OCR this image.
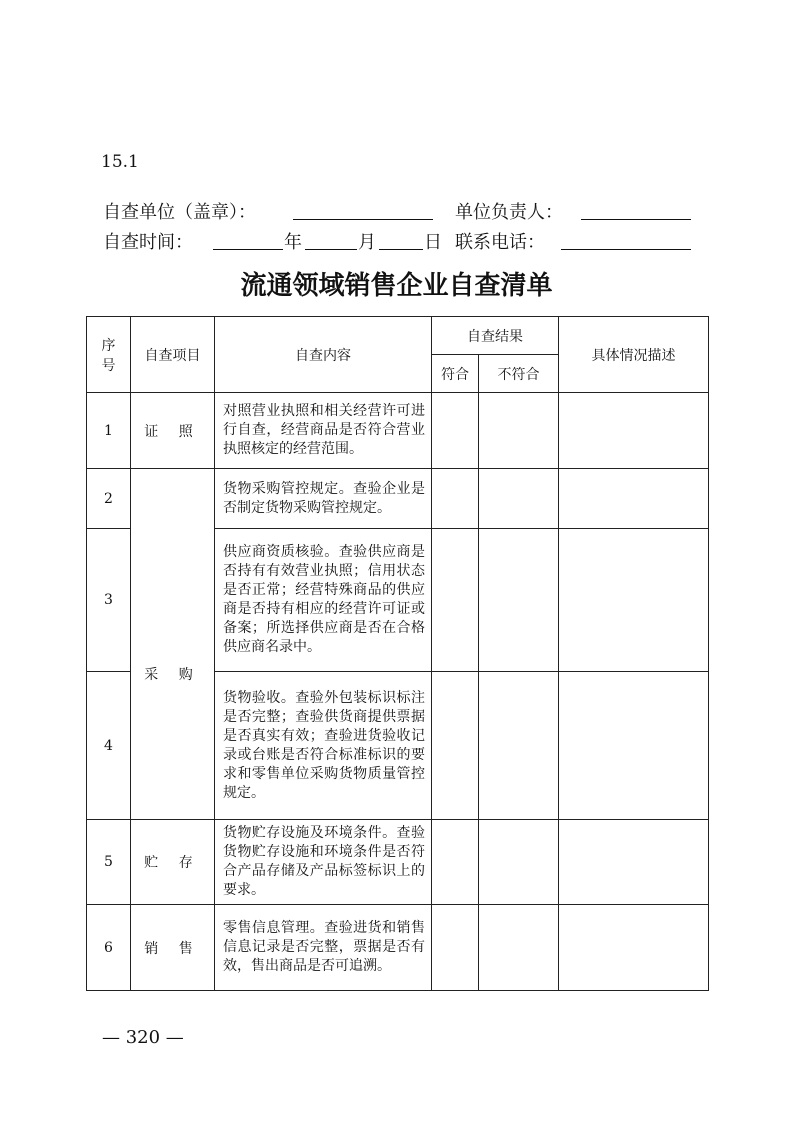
15.1
自查单位（盖章）：	单位负责人：
自查时间：	年	月	日 联系电话：
流通领域销售企业自查清单
序
号	自查项目	自查内容	自查结果		具体情况描述
			符合	不符合	
1	证 照	对照营业执照和相关经营许可进行自查，经营商品是否符合营业执照核定的经营范围。			
2	采 购	货物采购管控规定。查验企业是否制定货物采购管控规定。			
3		供应商资质核验。查验供应商是否持有有效营业执照；信用状态是否正常；经营特殊商品的供应商是否持有相应的经营许可证或备案；所选择供应商是否在合格供应商名录中。			
4		货物验收。查验外包装标识标注是否完整；查验供货商提供票据是否真实有效；查验进货验收记录或台账是否符合标准标识的要求和零售单位采购货物质量管控规定。			
5	贮 存	货物贮存设施及环境条件。查验货物贮存设施和环境条件是否符合产品存储及产品标签标识上的要求。			
6	销 售	零售信息管理。查验进货和销售信息记录是否完整，票据是否有效，售出商品是否可追溯。			
— 320 —
